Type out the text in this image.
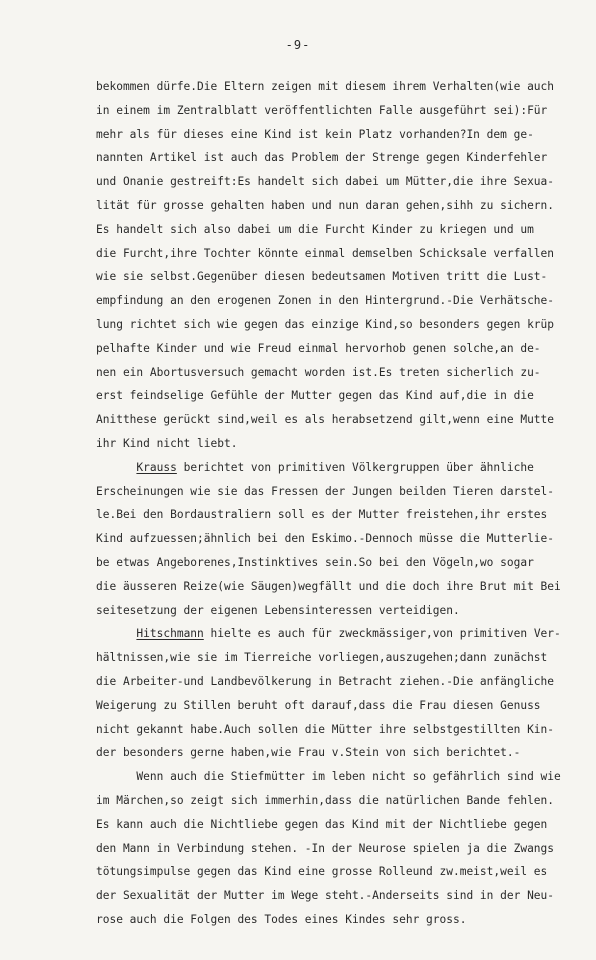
-9-
bekommen dürfe.Die Eltern zeigen mit diesem ihrem Verhalten(wie auch
in einem im Zentralblatt veröffentlichten Falle ausgeführt sei):Für
mehr als für dieses eine Kind ist kein Platz vorhanden?In dem ge-
nannten Artikel ist auch das Problem der Strenge gegen Kinderfehler
und Onanie gestreift:Es handelt sich dabei um Mütter,die ihre Sexua-
lität für grosse gehalten haben und nun daran gehen,sihh zu sichern.
Es handelt sich also dabei um die Furcht Kinder zu kriegen und um
die Furcht,ihre Tochter könnte einmal demselben Schicksale verfallen
wie sie selbst.Gegenüber diesen bedeutsamen Motiven tritt die Lust-
empfindung an den erogenen Zonen in den Hintergrund.-Die Verhätsche-
lung richtet sich wie gegen das einzige Kind,so besonders gegen krüp
pelhafte Kinder und wie Freud einmal hervorhob genen solche,an de-
nen ein Abortusversuch gemacht worden ist.Es treten sicherlich zu-
erst feindselige Gefühle der Mutter gegen das Kind auf,die in die
Anitthese gerückt sind,weil es als herabsetzend gilt,wenn eine Mutte
ihr Kind nicht liebt.
Krauss berichtet von primitiven Völkergruppen über ähnliche
Erscheinungen wie sie das Fressen der Jungen beilden Tieren darstel-
le.Bei den Bordaustraliern soll es der Mutter freistehen,ihr erstes
Kind aufzuessen;ähnlich bei den Eskimo.-Dennoch müsse die Mutterlie-
be etwas Angeborenes,Instinktives sein.So bei den Vögeln,wo sogar
die äusseren Reize(wie Säugen)wegfällt und die doch ihre Brut mit Bei
seitesetzung der eigenen Lebensinteressen verteidigen.
Hitschmann hielte es auch für zweckmässiger,von primitiven Ver-
hältnissen,wie sie im Tierreiche vorliegen,auszugehen;dann zunächst
die Arbeiter-und Landbevölkerung in Betracht ziehen.-Die anfängliche
Weigerung zu Stillen beruht oft darauf,dass die Frau diesen Genuss
nicht gekannt habe.Auch sollen die Mütter ihre selbstgestillten Kin-
der besonders gerne haben,wie Frau v.Stein von sich berichtet.-
Wenn auch die Stiefmütter im leben nicht so gefährlich sind wie
im Märchen,so zeigt sich immerhin,dass die natürlichen Bande fehlen.
Es kann auch die Nichtliebe gegen das Kind mit der Nichtliebe gegen
den Mann in Verbindung stehen. -In der Neurose spielen ja die Zwangs
tötungsimpulse gegen das Kind eine grosse Rolleund zw.meist,weil es
der Sexualität der Mutter im Wege steht.-Anderseits sind in der Neu-
rose auch die Folgen des Todes eines Kindes sehr gross.
